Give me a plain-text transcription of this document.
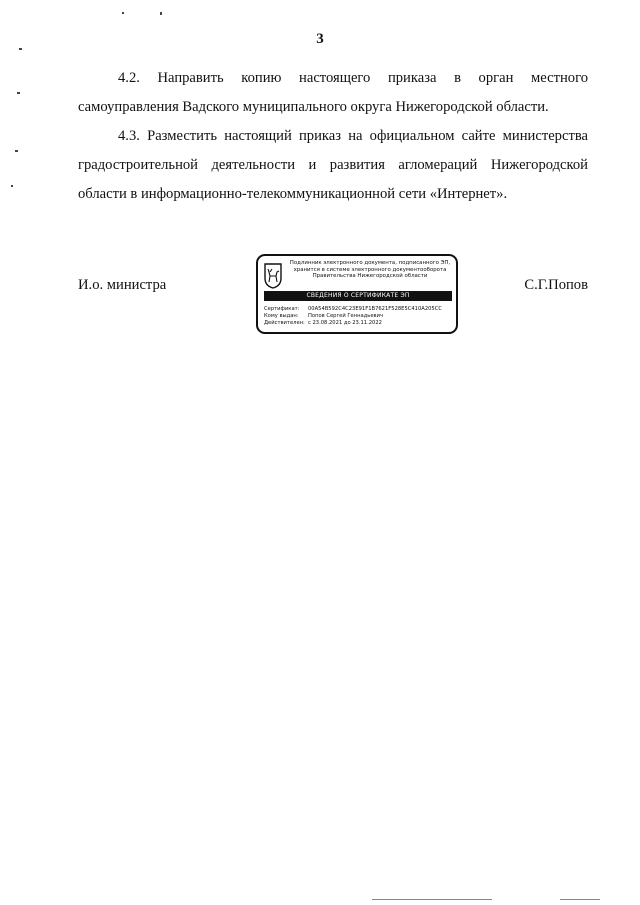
3
4.2. Направить копию настоящего приказа в орган местного самоуправления Вадского муниципального округа Нижегородской области.
4.3. Разместить настоящий приказ на официальном сайте министерства градостроительной деятельности и развития агломераций Нижегородской области в информационно-телекоммуникационной сети «Интернет».
И.о. министра	С.Г.Попов
Подлинник электронного документа, подписанного ЭП,
хранится в системе электронного документооборота
Правительства Нижегородской области
СВЕДЕНИЯ О СЕРТИФИКАТЕ ЭП
Сертификат:	00A54B592C4C23E91F1B7621F528E5C410A205CC
Кому выдан:	Попов Сергей Геннадьевич
Действителен: с 23.08.2021 до 23.11.2022
